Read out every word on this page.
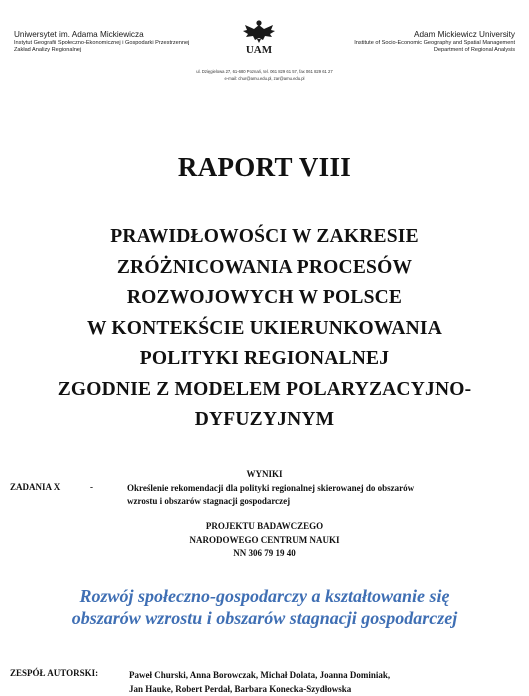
Uniwersytet im. Adama Mickiewicza
Instytut Geografii Społeczno-Ekonomicznej i Gospodarki Przestrzennej
Zakład Analizy Regionalnej	UAM
Adam Mickiewicz University
Institute of Socio-Economic Geography and Spatial Management
Department of Regional Analysis
ul. Dzięgielowa 27, 61-680 Poznań, tel. 061 829 61 57, fax 061 829 61 27
e-mail: chur@amu.edu.pl, zar@amu.edu.pl
RAPORT VIII
PRAWIDŁOWOŚCI W ZAKRESIE
ZRÓŻNICOWANIA PROCESÓW
ROZWOJOWYCH W POLSCE
W KONTEKŚCIE UKIERUNKOWANIA
POLITYKI REGIONALNEJ
ZGODNIE Z MODELEM POLARYZACYJNO-
DYFUZYJNYM
WYNIKI
ZADANIA X	-	Określenie rekomendacji dla polityki regionalnej skierowanej do obszarów
wzrostu i obszarów stagnacji gospodarczej
PROJEKTU BADAWCZEGO
NARODOWEGO CENTRUM NAUKI
NN 306 79 19 40
Rozwój społeczno-gospodarczy a kształtowanie się
obszarów wzrostu i obszarów stagnacji gospodarczej
ZESPÓŁ AUTORSKI:	Paweł Churski, Anna Borowczak, Michał Dolata, Joanna Dominiak,
Jan Hauke, Robert Perdał, Barbara Konecka-Szydłowska
